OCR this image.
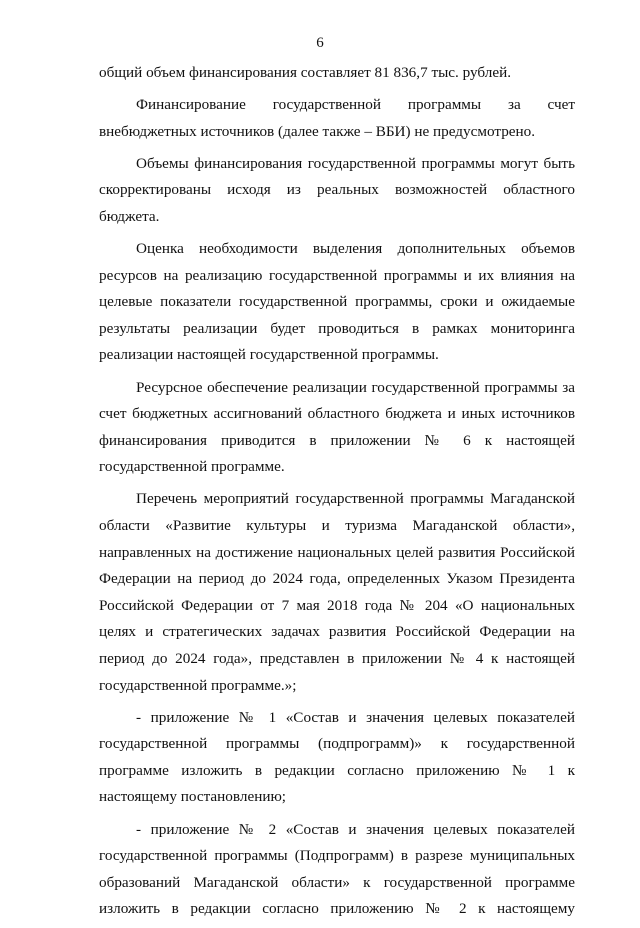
6

общий объем финансирования составляет 81 836,7 тыс. рублей.

Финансирование государственной программы за счет внебюджетных источников (далее также – ВБИ) не предусмотрено.

Объемы финансирования государственной программы могут быть скорректированы исходя из реальных возможностей областного бюджета.

Оценка необходимости выделения дополнительных объемов ресурсов на реализацию государственной программы и их влияния на целевые показатели государственной программы, сроки и ожидаемые результаты реализации будет проводиться в рамках мониторинга реализации настоящей государственной программы.

Ресурсное обеспечение реализации государственной программы за счет бюджетных ассигнований областного бюджета и иных источников финансирования приводится в приложении № 6 к настоящей государственной программе.

Перечень мероприятий государственной программы Магаданской области «Развитие культуры и туризма Магаданской области», направленных на достижение национальных целей развития Российской Федерации на период до 2024 года, определенных Указом Президента Российской Федерации от 7 мая 2018 года № 204 «О национальных целях и стратегических задачах развития Российской Федерации на период до 2024 года», представлен в приложении № 4 к настоящей государственной программе.»;

- приложение № 1 «Состав и значения целевых показателей государственной программы (подпрограмм)» к государственной программе изложить в редакции согласно приложению № 1 к настоящему постановлению;

- приложение № 2 «Состав и значения целевых показателей государственной программы (Подпрограмм) в разрезе муниципальных образований Магаданской области» к государственной программе изложить в редакции согласно приложению № 2 к настоящему
